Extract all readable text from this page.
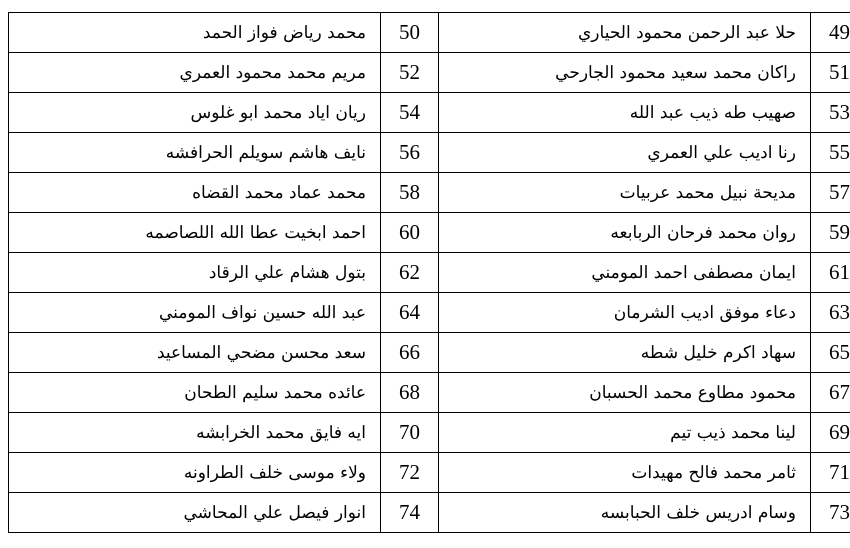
49	حلا عبد الرحمن محمود الحياري	50	محمد رياض فواز الحمد
51	راكان محمد سعيد محمود الجارحي	52	مريم محمد محمود العمري
53	صهيب طه ذيب عبد الله	54	ريان اياد محمد ابو غلوس
55	رنا اديب علي العمري	56	نايف هاشم سويلم الحرافشه
57	مديحة نبيل محمد عربيات	58	محمد عماد محمد القضاه
59	روان محمد فرحان الربابعه	60	احمد ابخيت عطا الله اللصاصمه
61	ايمان مصطفى احمد المومني	62	بتول هشام علي الرقاد
63	دعاء موفق اديب الشرمان	64	عبد الله حسين نواف المومني
65	سهاد اكرم خليل شطه	66	سعد محسن مضحي المساعيد
67	محمود مطاوع محمد الحسبان	68	عائده محمد سليم الطحان
69	لينا محمد ذيب تيم	70	ايه فايق محمد الخرابشه
71	ثامر محمد فالح مهيدات	72	ولاء موسى خلف الطراونه
73	وسام ادريس خلف الحبابسه	74	انوار فيصل علي المحاشي
